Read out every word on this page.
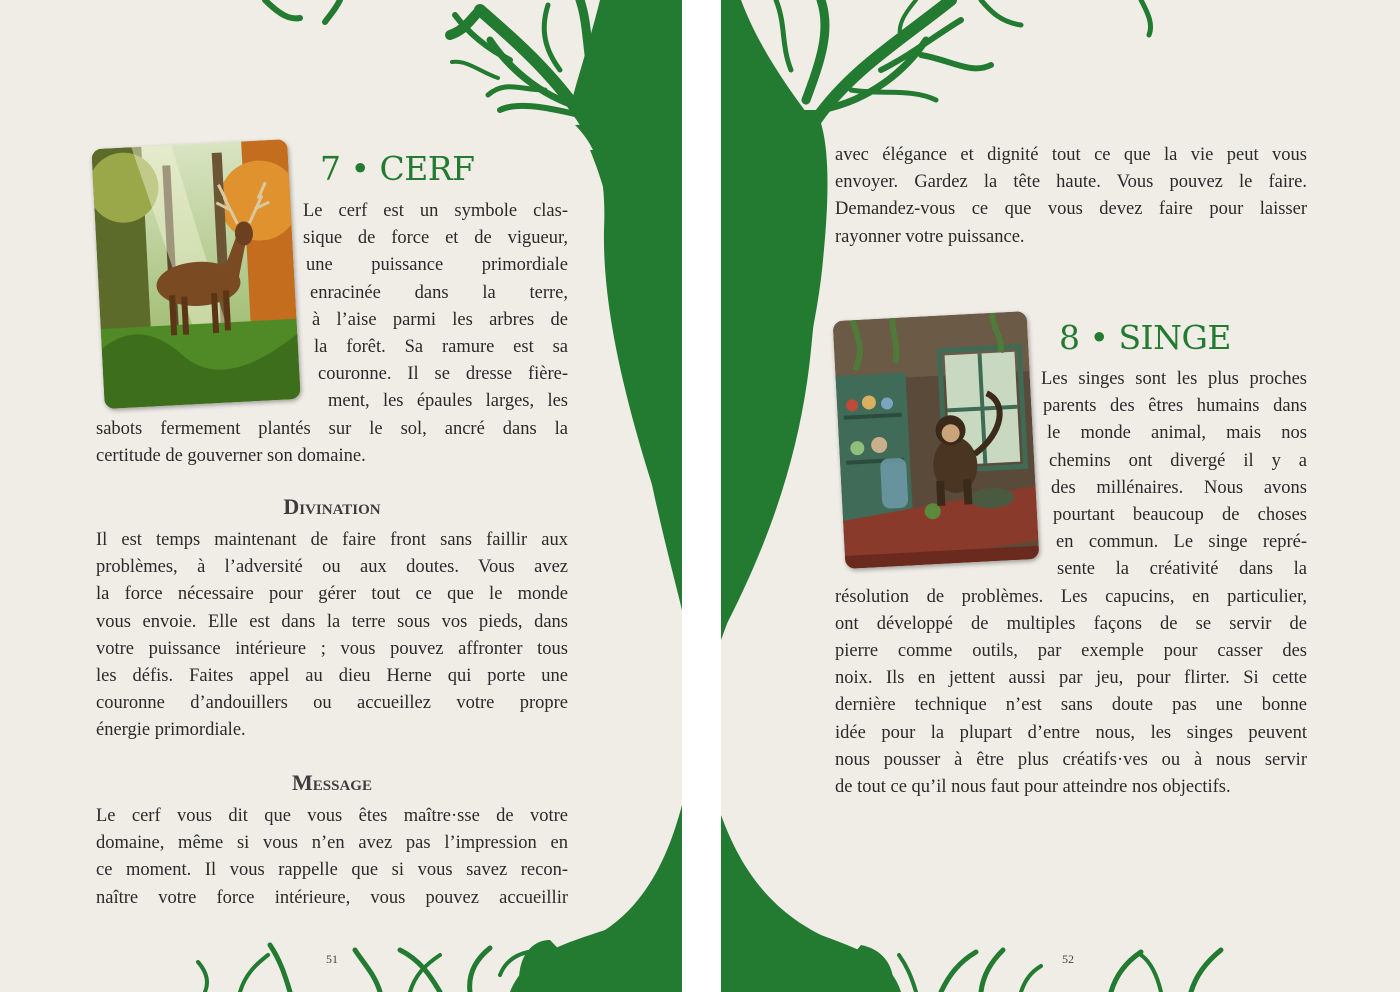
7 • CERF
Le cerf est un symbole clas-
sique de force et de vigueur,
une puissance primordiale
enracinée dans la terre,
à l’aise parmi les arbres de
la forêt. Sa ramure est sa
couronne. Il se dresse fière-
ment, les épaules larges, les
sabots fermement plantés sur le sol, ancré dans la
certitude de gouverner son domaine.
Divination
Il est temps maintenant de faire front sans faillir aux
problèmes, à l’adversité ou aux doutes. Vous avez
la force nécessaire pour gérer tout ce que le monde
vous envoie. Elle est dans la terre sous vos pieds, dans
votre puissance intérieure ; vous pouvez affronter tous
les défis. Faites appel au dieu Herne qui porte une
couronne d’andouillers ou accueillez votre propre
énergie primordiale.
Message
Le cerf vous dit que vous êtes maître·sse de votre
domaine, même si vous n’en avez pas l’impression en
ce moment. Il vous rappelle que si vous savez recon-
naître votre force intérieure, vous pouvez accueillir
51
avec élégance et dignité tout ce que la vie peut vous
envoyer. Gardez la tête haute. Vous pouvez le faire.
Demandez-vous ce que vous devez faire pour laisser
rayonner votre puissance.
8 • SINGE
Les singes sont les plus proches
parents des êtres humains dans
le monde animal, mais nos
chemins ont divergé il y a
des millénaires. Nous avons
pourtant beaucoup de choses
en commun. Le singe repré-
sente la créativité dans la
résolution de problèmes. Les capucins, en particulier,
ont développé de multiples façons de se servir de
pierre comme outils, par exemple pour casser des
noix. Ils en jettent aussi par jeu, pour flirter. Si cette
dernière technique n’est sans doute pas une bonne
idée pour la plupart d’entre nous, les singes peuvent
nous pousser à être plus créatifs·ves ou à nous servir
de tout ce qu’il nous faut pour atteindre nos objectifs.
52
